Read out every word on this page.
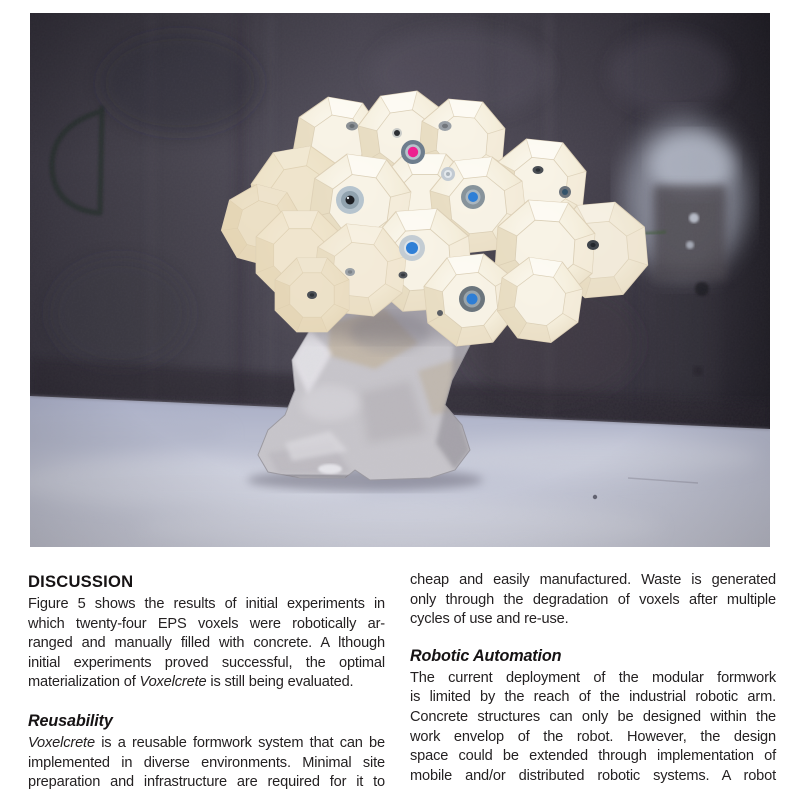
DISCUSSION
Figure 5 shows the results of initial experiments in
which twenty-four EPS voxels were robotically ar-
ranged and manually filled with concrete. A lthough
initial experiments proved successful, the optimal
materialization of Voxelcrete is still being evaluated.
Reusability
Voxelcrete is a reusable formwork system that can be
implemented in diverse environments. Minimal site
preparation and infrastructure are required for it to
cheap and easily manufactured. Waste is generated
only through the degradation of voxels after multiple
cycles of use and re-use.
Robotic Automation
The current deployment of the modular formwork
is limited by the reach of the industrial robotic arm.
Concrete structures can only be designed within the
work envelop of the robot. However, the design
space could be extended through implementation of
mobile and/or distributed robotic systems. A robot
